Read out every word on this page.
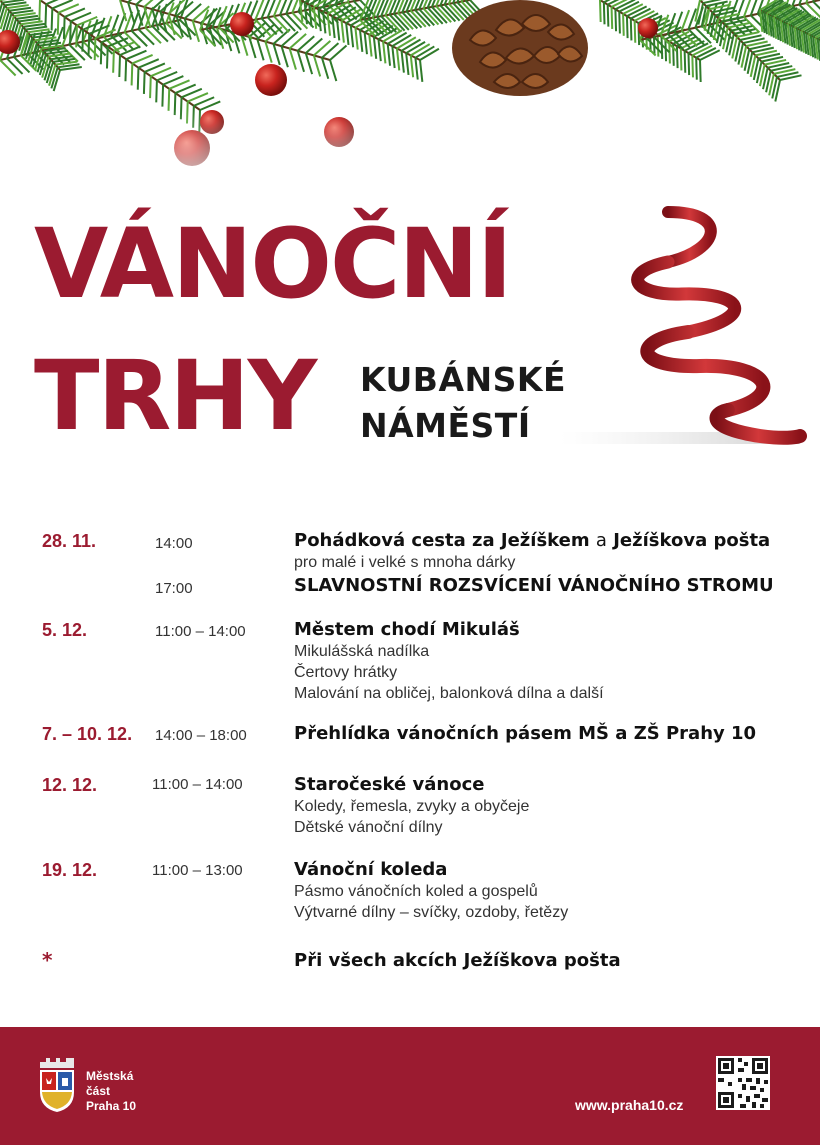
VÁNOČNÍ
TRHY KUBÁNSKÉ
NÁMĚSTÍ
28. 11.	14:00	Pohádková cesta za Ježíškem a Ježíškova pošta
pro malé i velké s mnoha dárky
17:00	SLAVNOSTNÍ ROZSVÍCENÍ VÁNOČNÍHO STROMU
5. 12.	11:00 – 14:00	Městem chodí Mikuláš
Mikulášská nadílka
Čertovy hrátky
Malování na obličej, balonková dílna a další
7. – 10. 12. 14:00 – 18:00	Přehlídka vánočních pásem MŠ a ZŠ Prahy 10
12. 12.	11:00 – 14:00	Staročeské vánoce
Koledy, řemesla, zvyky a obyčeje
Dětské vánoční dílny
19. 12.	11:00 – 13:00	Vánoční koleda
Pásmo vánočních koled a gospelů
Výtvarné dílny – svíčky, ozdoby, řetězy
*	Při všech akcích Ježíškova pošta
Městská
část
Praha 10	www.praha10.cz
